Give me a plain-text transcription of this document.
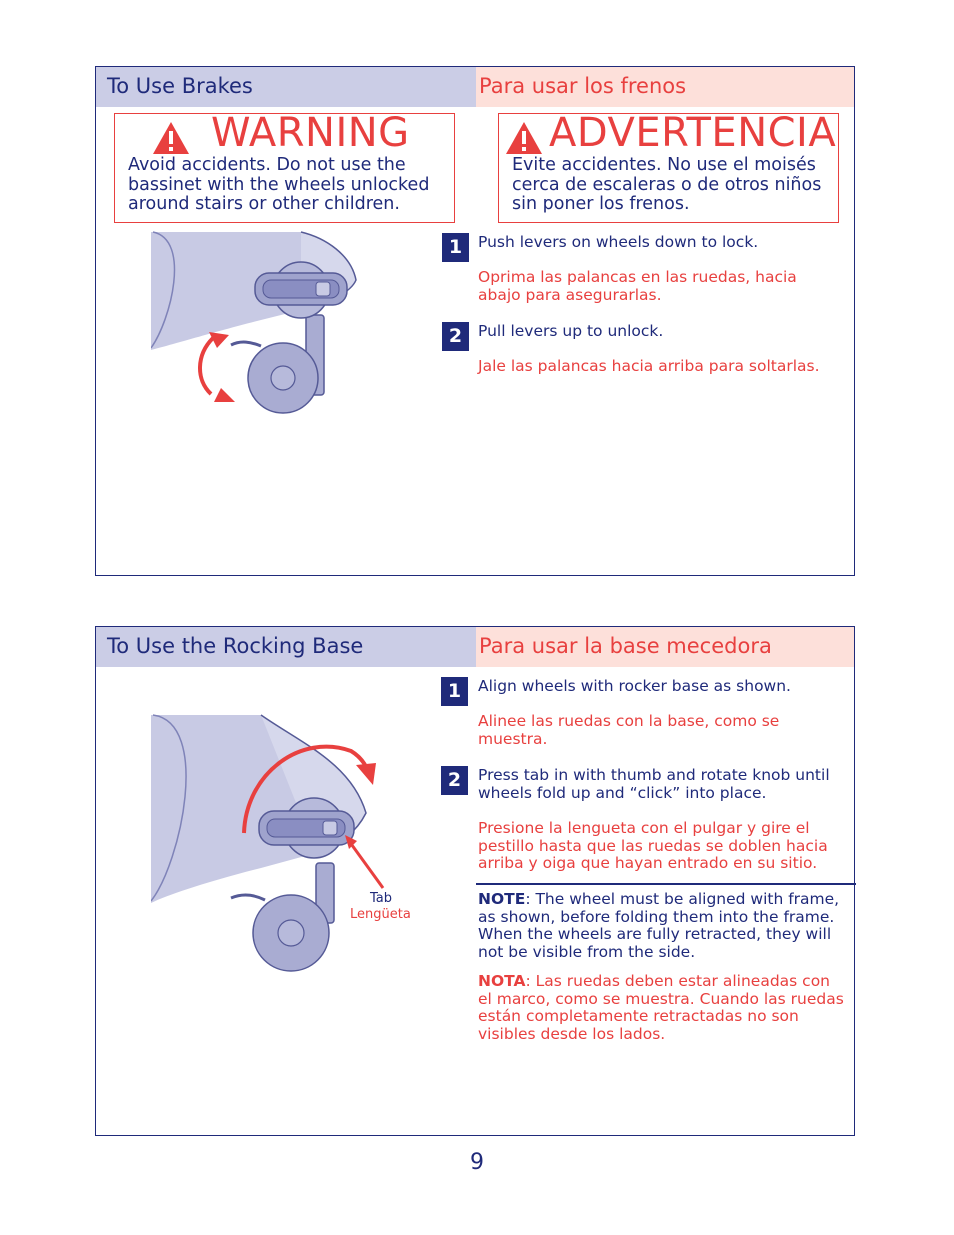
To Use Brakes	Para usar los frenos
WARNING
Avoid accidents. Do not use the bassinet with the wheels unlocked around stairs or other children.
ADVERTENCIA
Evite accidentes. No use el moisés cerca de escaleras o de otros niños sin poner los frenos.
1	Push levers on wheels down to lock.
Oprima las palancas en las ruedas, hacia abajo para asegurarlas.
2	Pull levers up to unlock.
Jale las palancas hacia arriba para soltarlas.
To Use the Rocking Base	Para usar la base mecedora
Tab
Lengüeta
1	Align wheels with rocker base as shown.
Alinee las ruedas con la base, como se muestra.
2	Press tab in with thumb and rotate knob until wheels fold up and “click” into place.
Presione la lengueta con el pulgar y gire el pestillo hasta que las ruedas se doblen hacia arriba y oiga que hayan entrado en su sitio.
NOTE: The wheel must be aligned with frame, as shown, before folding them into the frame. When the wheels are fully retracted, they will not be visible from the side.
NOTA: Las ruedas deben estar alineadas con el marco, como se muestra. Cuando las ruedas están completamente retractadas no son visibles desde los lados.
9
